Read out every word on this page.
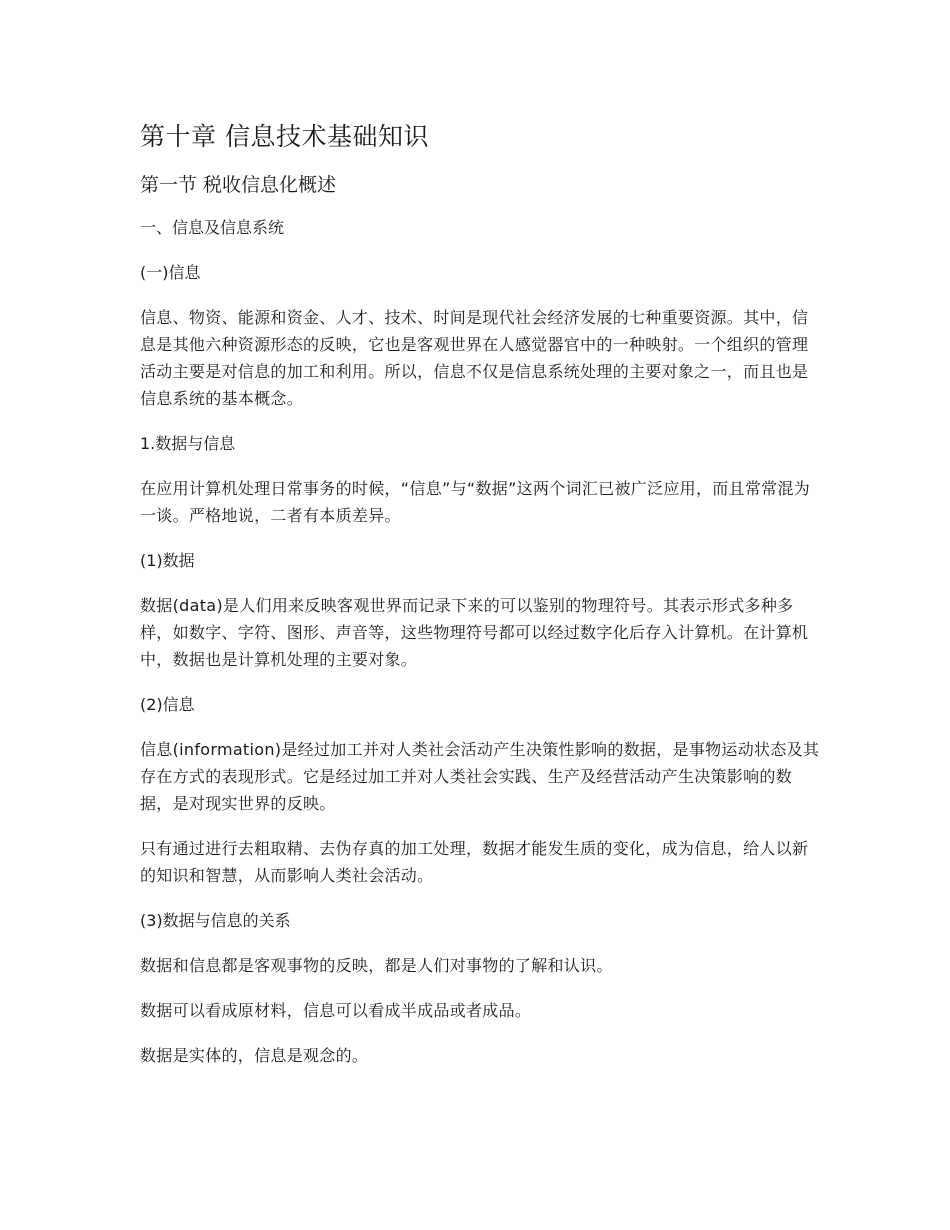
第十章 信息技术基础知识
第一节 税收信息化概述
一、信息及信息系统
(一)信息
信息、物资、能源和资金、人才、技术、时间是现代社会经济发展的七种重要资源。其中，信息是其他六种资源形态的反映，它也是客观世界在人感觉器官中的一种映射。一个组织的管理活动主要是对信息的加工和利用。所以，信息不仅是信息系统处理的主要对象之一，而且也是信息系统的基本概念。
1.数据与信息
在应用计算机处理日常事务的时候，“信息”与“数据”这两个词汇已被广泛应用，而且常常混为一谈。严格地说，二者有本质差异。
(1)数据
数据(data)是人们用来反映客观世界而记录下来的可以鉴别的物理符号。其表示形式多种多样，如数字、字符、图形、声音等，这些物理符号都可以经过数字化后存入计算机。在计算机中，数据也是计算机处理的主要对象。
(2)信息
信息(information)是经过加工并对人类社会活动产生决策性影响的数据，是事物运动状态及其存在方式的表现形式。它是经过加工并对人类社会实践、生产及经营活动产生决策影响的数据，是对现实世界的反映。
只有通过进行去粗取精、去伪存真的加工处理，数据才能发生质的变化，成为信息，给人以新的知识和智慧，从而影响人类社会活动。
(3)数据与信息的关系
数据和信息都是客观事物的反映，都是人们对事物的了解和认识。
数据可以看成原材料，信息可以看成半成品或者成品。
数据是实体的，信息是观念的。
